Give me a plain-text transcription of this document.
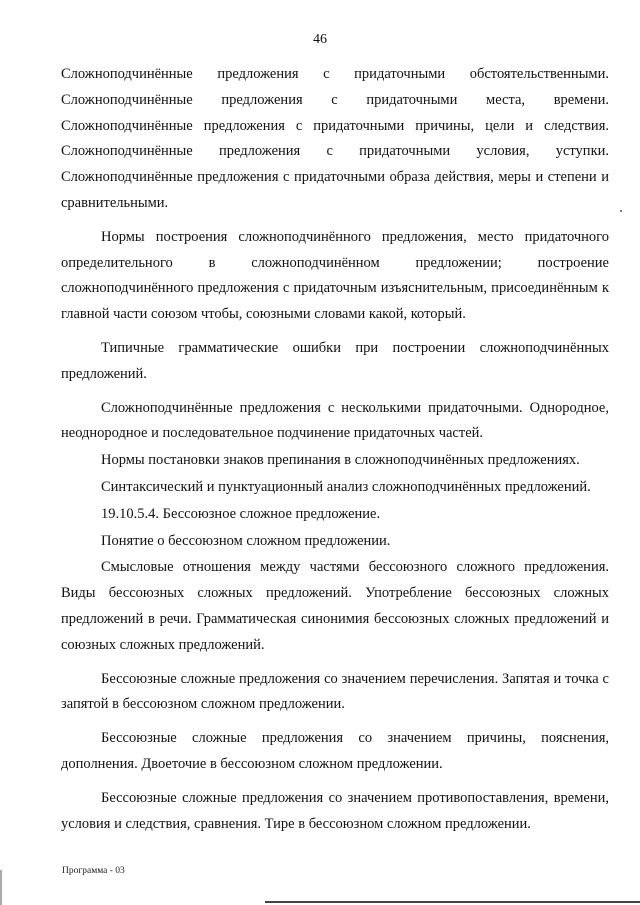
46

Сложноподчинённые предложения с придаточными обстоятельственными.

Сложноподчинённые предложения с придаточными места, времени.

Сложноподчинённые предложения с придаточными причины, цели и следствия.

Сложноподчинённые предложения с придаточными условия, уступки.

Сложноподчинённые предложения с придаточными образа действия, меры и степени и сравнительными.

Нормы построения сложноподчинённого предложения, место придаточного определительного в сложноподчинённом предложении; построение сложноподчинённого предложения с придаточным изъяснительным, присоединённым к главной части союзом чтобы, союзными словами какой, который.

Типичные грамматические ошибки при построении сложноподчинённых предложений.

Сложноподчинённые предложения с несколькими придаточными. Однородное, неоднородное и последовательное подчинение придаточных частей.

Нормы постановки знаков препинания в сложноподчинённых предложениях.

Синтаксический и пунктуационный анализ сложноподчинённых предложений.

19.10.5.4. Бессоюзное сложное предложение.

Понятие о бессоюзном сложном предложении.

Смысловые отношения между частями бессоюзного сложного предложения. Виды бессоюзных сложных предложений. Употребление бессоюзных сложных предложений в речи. Грамматическая синонимия бессоюзных сложных предложений и союзных сложных предложений.

Бессоюзные сложные предложения со значением перечисления. Запятая и точка с запятой в бессоюзном сложном предложении.

Бессоюзные сложные предложения со значением причины, пояснения, дополнения. Двоеточие в бессоюзном сложном предложении.

Бессоюзные сложные предложения со значением противопоставления, времени, условия и следствия, сравнения. Тире в бессоюзном сложном предложении.

Программа - 03
